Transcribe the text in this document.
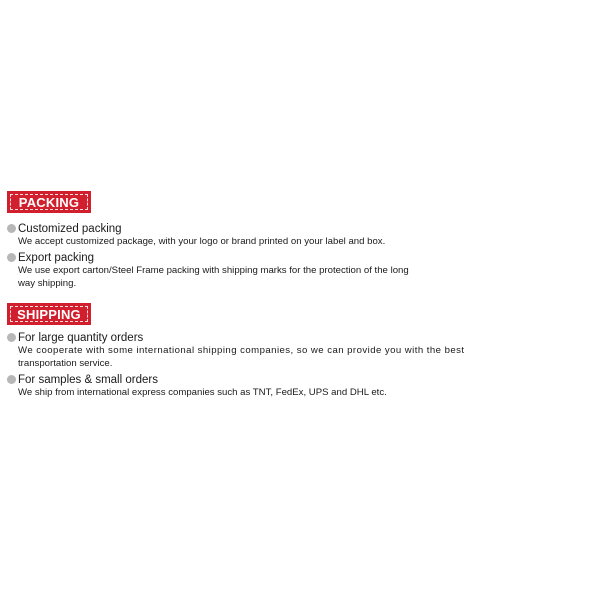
PACKING
Customized packing
We accept customized package, with your logo or brand printed on your label and box.
Export packing
We use export carton/Steel Frame packing with shipping marks for the protection of the long
way shipping.
SHIPPING
For large quantity orders
We cooperate with some international shipping companies, so we can provide you with the best
transportation service.
For samples & small orders
We ship from international express companies such as TNT, FedEx, UPS and DHL etc.
